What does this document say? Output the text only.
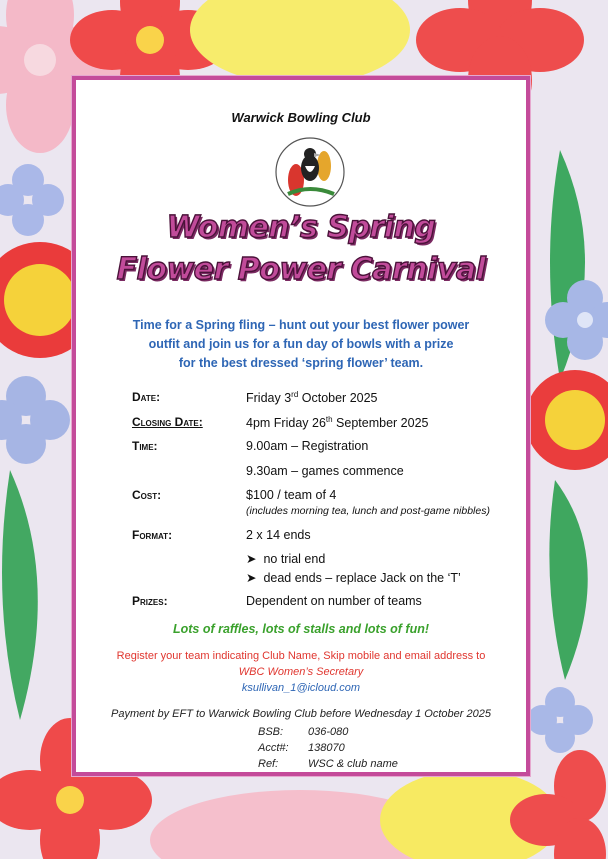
Warwick Bowling Club
Women’s Spring
Flower Power Carnival
Time for a Spring fling – hunt out your best flower power
outfit and join us for a fun day of bowls with a prize
for the best dressed ‘spring flower’ team.
Date:	Friday 3rd October 2025
Closing Date:	4pm Friday 26th September 2025
Time:	9.00am – Registration
9.30am – games commence
Cost:	$100 / team of 4
(includes morning tea, lunch and post-game nibbles)
Format:	2 x 14 ends
➤ no trial end
➤ dead ends – replace Jack on the ‘T’
Prizes:	Dependent on number of teams
Lots of raffles, lots of stalls and lots of fun!
Register your team indicating Club Name, Skip mobile and email address to
WBC Women’s Secretary
ksullivan_1@icloud.com
Payment by EFT to Warwick Bowling Club before Wednesday 1 October 2025
BSB: 036-080
Acct#: 138070
Ref:	WSC & club name
